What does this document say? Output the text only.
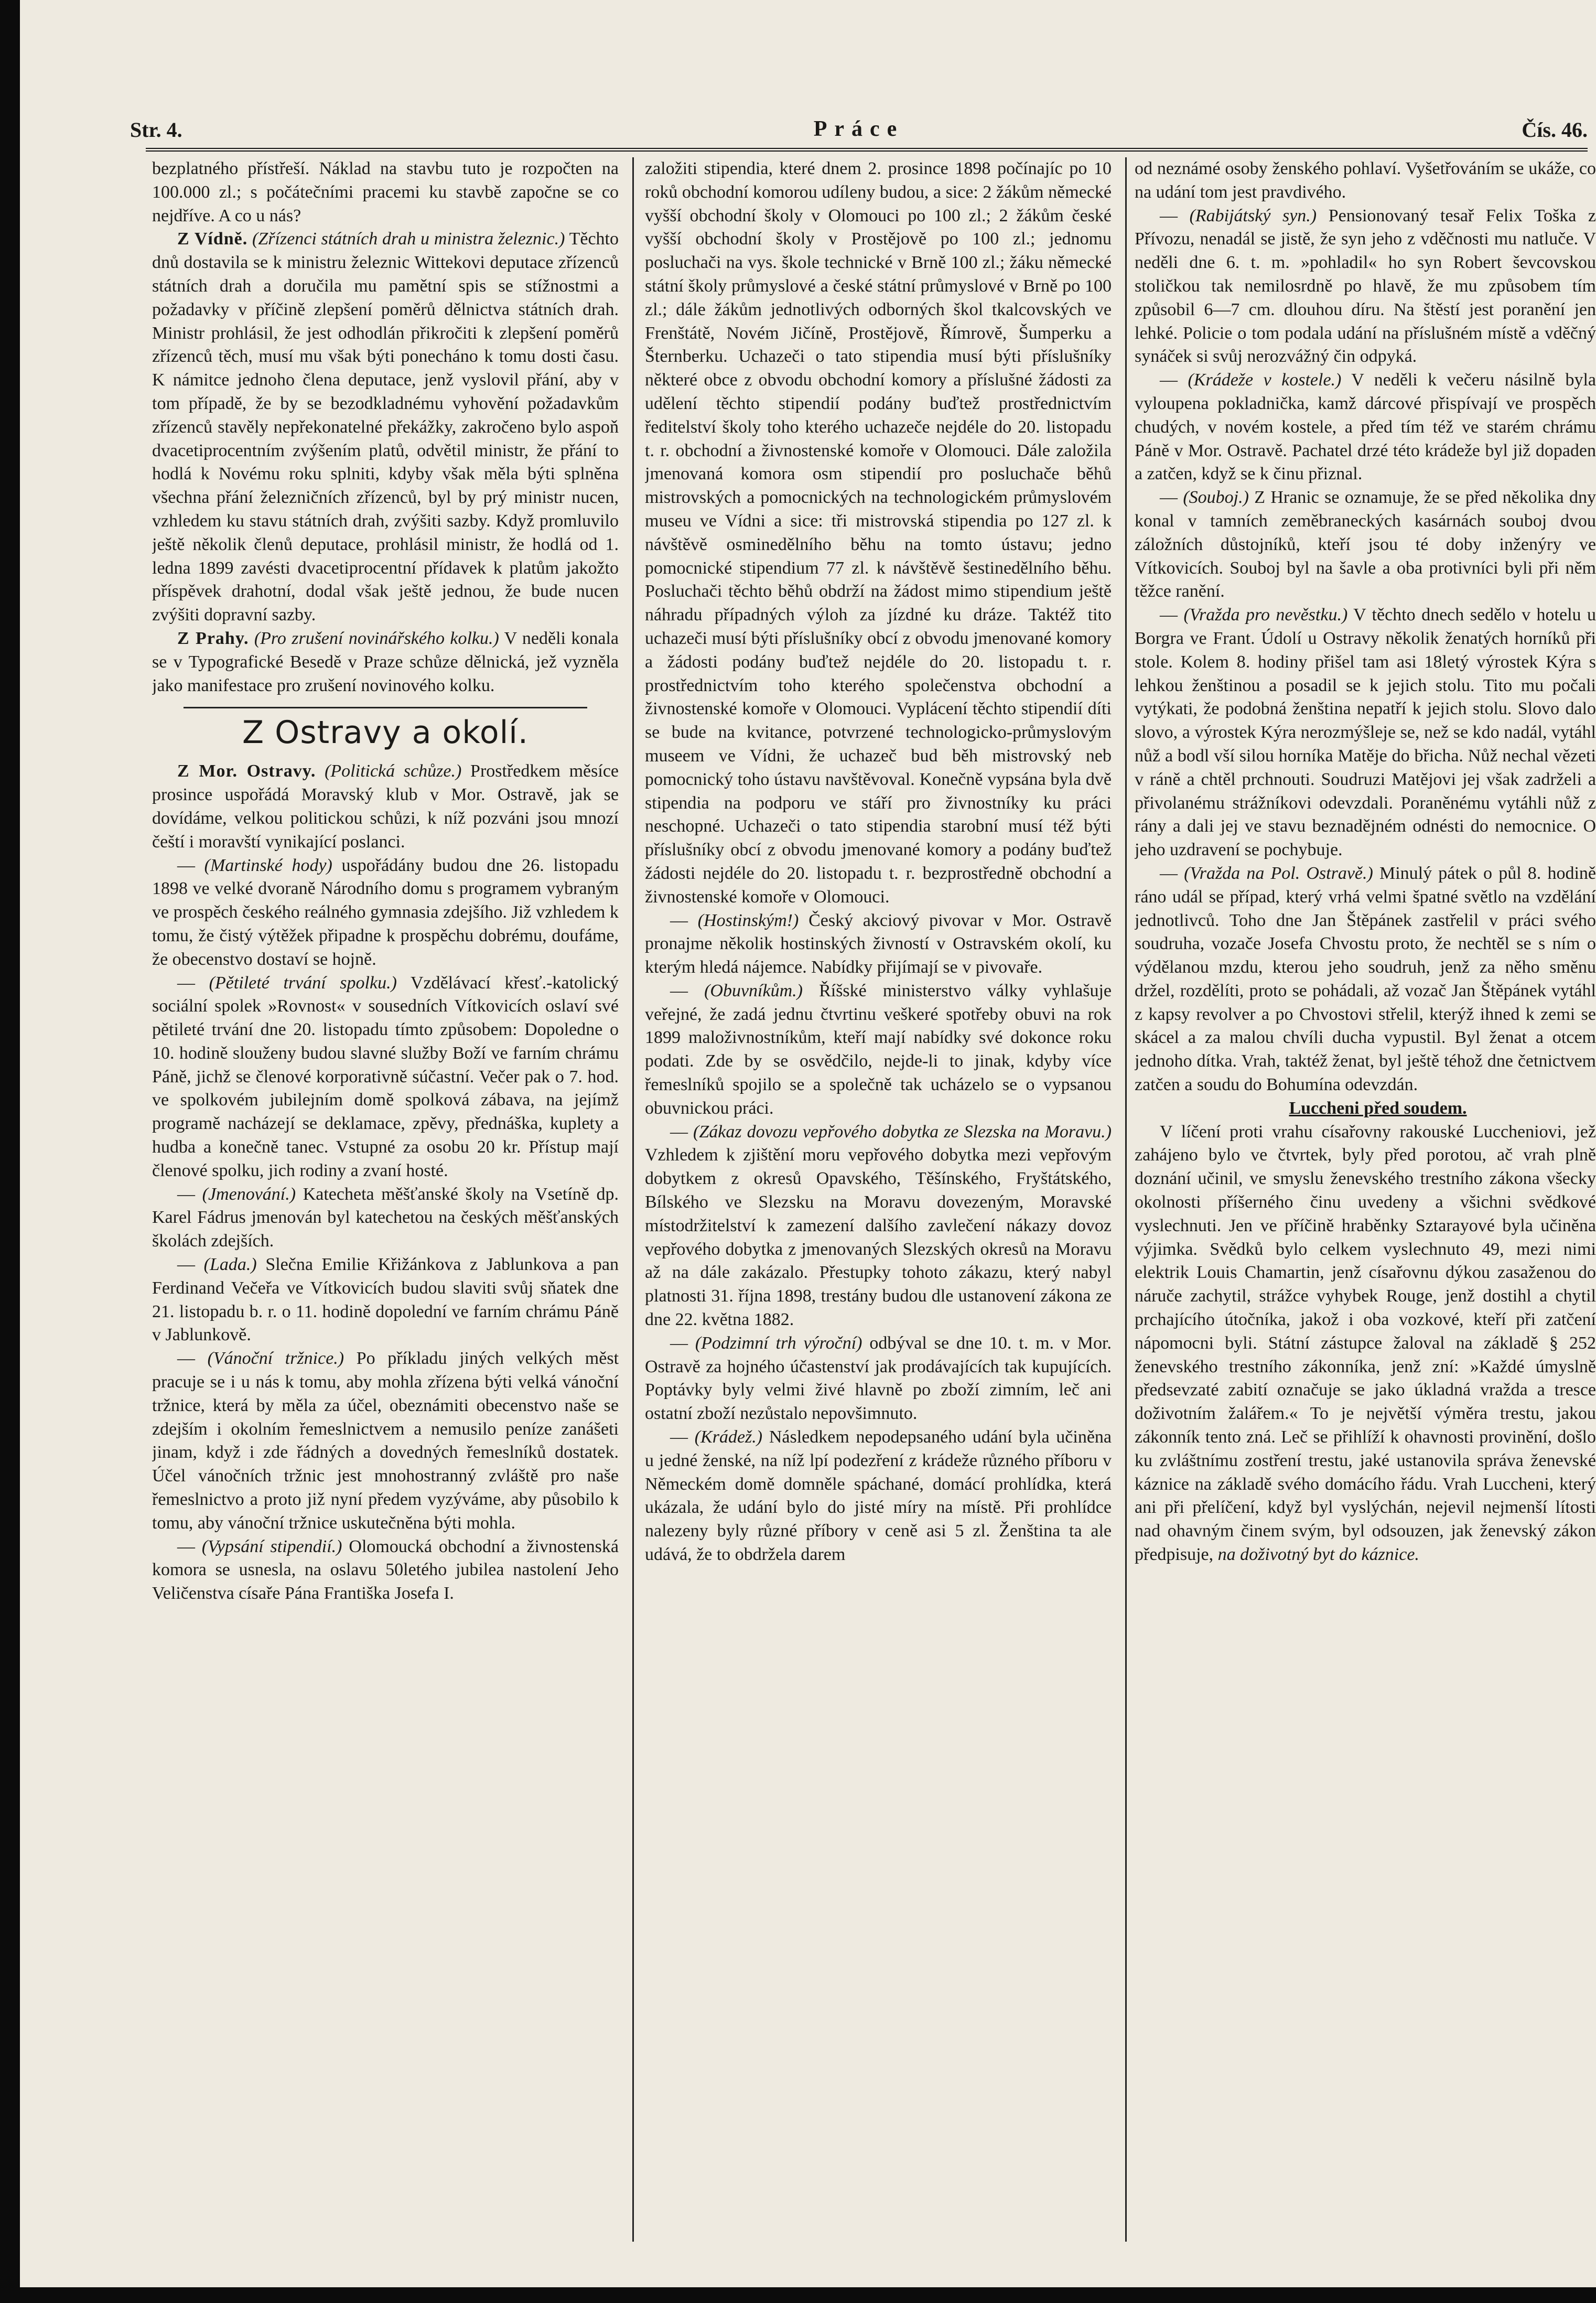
Str. 4.	Práce	Čís. 46.

bezplatného přístřeší. Náklad na stavbu tuto je rozpočten na 100.000 zl.; s počátečními pracemi ku stavbě započne se co nejdříve. A co u nás?

Z Vídně. (Zřízenci státních drah u ministra železnic.) Těchto dnů dostavila se k ministru železnic Wittekovi deputace zřízenců státních drah a doručila mu pamětní spis se stížnostmi a požadavky v příčině zlepšení poměrů dělnictva státních drah. Ministr prohlásil, že jest odhodlán přikročiti k zlepšení poměrů zřízenců těch, musí mu však býti ponecháno k tomu dosti času. K námitce jednoho člena deputace, jenž vyslovil přání, aby v tom případě, že by se bezodkladnému vyhovění požadavkům zřízenců stavěly nepřekonatelné překážky, zakročeno bylo aspoň dvacetiprocentním zvýšením platů, odvětil ministr, že přání to hodlá k Novému roku splniti, kdyby však měla býti splněna všechna přání železničních zřízenců, byl by prý ministr nucen, vzhledem ku stavu státních drah, zvýšiti sazby. Když promluvilo ještě několik členů deputace, prohlásil ministr, že hodlá od 1. ledna 1899 zavésti dvacetiprocentní přídavek k platům jakožto příspěvek drahotní, dodal však ještě jednou, že bude nucen zvýšiti dopravní sazby.

Z Prahy. (Pro zrušení novinářského kolku.) V neděli konala se v Typografické Besedě v Praze schůze dělnická, jež vyzněla jako manifestace pro zrušení novinového kolku.

Z Ostravy a okolí.

Z Mor. Ostravy. (Politická schůze.) Prostředkem měsíce prosince uspořádá Moravský klub v Mor. Ostravě, jak se dovídáme, velkou politickou schůzi, k níž pozváni jsou mnozí čeští i moravští vynikající poslanci.

— (Martinské hody) uspořádány budou dne 26. listopadu 1898 ve velké dvoraně Národního domu s programem vybraným ve prospěch českého reálného gymnasia zdejšího. Již vzhledem k tomu, že čistý výtěžek připadne k prospěchu dobrému, doufáme, že obecenstvo dostaví se hojně.

— (Pětileté trvání spolku.) Vzdělávací křesť.-katolický sociální spolek »Rovnost« v sousedních Vítkovicích oslaví své pětileté trvání dne 20. listopadu tímto způsobem: Dopoledne o 10. hodině slouženy budou slavné služby Boží ve farním chrámu Páně, jichž se členové korporativně súčastní. Večer pak o 7. hod. ve spolkovém jubilejním domě spolková zábava, na jejímž programě nacházejí se deklamace, zpěvy, přednáška, kuplety a hudba a konečně tanec. Vstupné za osobu 20 kr. Přístup mají členové spolku, jich rodiny a zvaní hosté.

— (Jmenování.) Katecheta měšťanské školy na Vsetíně dp. Karel Fádrus jmenován byl katechetou na českých měšťanských školách zdejších.

— (Lada.) Slečna Emilie Křižánkova z Jablunkova a pan Ferdinand Večeřa ve Vítkovicích budou slaviti svůj sňatek dne 21. listopadu b. r. o 11. hodině dopolední ve farním chrámu Páně v Jablunkově.

— (Vánoční tržnice.) Po příkladu jiných velkých měst pracuje se i u nás k tomu, aby mohla zřízena býti velká vánoční tržnice, která by měla za účel, obeznámiti obecenstvo naše se zdejším i okolním řemeslnictvem a nemusilo peníze zanášeti jinam, když i zde řádných a dovedných řemeslníků dostatek. Účel vánočních tržnic jest mnohostranný zvláště pro naše řemeslnictvo a proto již nyní předem vyzýváme, aby působilo k tomu, aby vánoční tržnice uskutečněna býti mohla.

— (Vypsání stipendií.) Olomoucká obchodní a živnostenská komora se usnesla, na oslavu 50letého jubilea nastolení Jeho Veličenstva císaře Pána Františka Josefa I.

založiti stipendia, které dnem 2. prosince 1898 počínajíc po 10 roků obchodní komorou udíleny budou, a sice: 2 žákům německé vyšší obchodní školy v Olomouci po 100 zl.; 2 žákům české vyšší obchodní školy v Prostějově po 100 zl.; jednomu posluchači na vys. škole technické v Brně 100 zl.; žáku německé státní školy průmyslové a české státní průmyslové v Brně po 100 zl.; dále žákům jednotlivých odborných škol tkalcovských ve Frenštátě, Novém Jičíně, Prostějově, Římrově, Šumperku a Šternberku. Uchazeči o tato stipendia musí býti příslušníky některé obce z obvodu obchodní komory a příslušné žádosti za udělení těchto stipendií podány buďtež prostřednictvím ředitelství školy toho kterého uchazeče nejdéle do 20. listopadu t. r. obchodní a živnostenské komoře v Olomouci. Dále založila jmenovaná komora osm stipendií pro posluchače běhů mistrovských a pomocnických na technologickém průmyslovém museu ve Vídni a sice: tři mistrovská stipendia po 127 zl. k návštěvě osminedělního běhu na tomto ústavu; jedno pomocnické stipendium 77 zl. k návštěvě šestinedělního běhu. Posluchači těchto běhů obdrží na žádost mimo stipendium ještě náhradu případných výloh za jízdné ku dráze. Taktéž tito uchazeči musí býti příslušníky obcí z obvodu jmenované komory a žádosti podány buďtež nejdéle do 20. listopadu t. r. prostřednictvím toho kterého společenstva obchodní a živnostenské komoře v Olomouci. Vyplácení těchto stipendií díti se bude na kvitance, potvrzené technologicko-průmyslovým museem ve Vídni, že uchazeč bud běh mistrovský neb pomocnický toho ústavu navštěvoval. Konečně vypsána byla dvě stipendia na podporu ve stáří pro živnostníky ku práci neschopné. Uchazeči o tato stipendia starobní musí též býti příslušníky obcí z obvodu jmenované komory a podány buďtež žádosti nejdéle do 20. listopadu t. r. bezprostředně obchodní a živnostenské komoře v Olomouci.

— (Hostinským!) Český akciový pivovar v Mor. Ostravě pronajme několik hostinských živností v Ostravském okolí, ku kterým hledá nájemce. Nabídky přijímají se v pivovaře.

— (Obuvníkům.) Říšské ministerstvo války vyhlašuje veřejné, že zadá jednu čtvrtinu veškeré spotřeby obuvi na rok 1899 maloživnostníkům, kteří mají nabídky své dokonce roku podati. Zde by se osvědčilo, nejde-li to jinak, kdyby více řemeslníků spojilo se a společně tak ucházelo se o vypsanou obuvnickou práci.

— (Zákaz dovozu vepřového dobytka ze Slezska na Moravu.) Vzhledem k zjištění moru vepřového dobytka mezi vepřovým dobytkem z okresů Opavského, Těšínského, Fryštátského, Bílského ve Slezsku na Moravu dovezeným, Moravské místodržitelství k zamezení dalšího zavlečení nákazy dovoz vepřového dobytka z jmenovaných Slezských okresů na Moravu až na dále zakázalo. Přestupky tohoto zákazu, který nabyl platnosti 31. října 1898, trestány budou dle ustanovení zákona ze dne 22. května 1882.

— (Podzimní trh výroční) odbýval se dne 10. t. m. v Mor. Ostravě za hojného účastenství jak prodávajících tak kupujících. Poptávky byly velmi živé hlavně po zboží zimním, leč ani ostatní zboží nezůstalo nepovšimnuto.

— (Krádež.) Následkem nepodepsaného udání byla učiněna u jedné ženské, na níž lpí podezření z krádeže různého příboru v Německém domě domněle spáchané, domácí prohlídka, která ukázala, že udání bylo do jisté míry na místě. Při prohlídce nalezeny byly různé příbory v ceně asi 5 zl. Ženština ta ale udává, že to obdržela darem

od neznámé osoby ženského pohlaví. Vyšetřováním se ukáže, co na udání tom jest pravdivého.

— (Rabijátský syn.) Pensionovaný tesař Felix Toška z Přívozu, nenadál se jistě, že syn jeho z vděčnosti mu natluče. V neděli dne 6. t. m. »pohladil« ho syn Robert ševcovskou stoličkou tak nemilosrdně po hlavě, že mu způsobem tím způsobil 6—7 cm. dlouhou díru. Na štěstí jest poranění jen lehké. Policie o tom podala udání na příslušném místě a vděčný synáček si svůj nerozvážný čin odpyká.

— (Krádeže v kostele.) V neděli k večeru násilně byla vyloupena pokladnička, kamž dárcové přispívají ve prospěch chudých, v novém kostele, a před tím též ve starém chrámu Páně v Mor. Ostravě. Pachatel drzé této krádeže byl již dopaden a zatčen, když se k činu přiznal.

— (Souboj.) Z Hranic se oznamuje, že se před několika dny konal v tamních zeměbraneckých kasárnách souboj dvou záložních důstojníků, kteří jsou té doby inženýry ve Vítkovicích. Souboj byl na šavle a oba protivníci byli při něm těžce ranění.

— (Vražda pro nevěstku.) V těchto dnech sedělo v hotelu u Borgra ve Frant. Údolí u Ostravy několik ženatých horníků při stole. Kolem 8. hodiny přišel tam asi 18letý výrostek Kýra s lehkou ženštinou a posadil se k jejich stolu. Tito mu počali vytýkati, že podobná ženština nepatří k jejich stolu. Slovo dalo slovo, a výrostek Kýra nerozmýšleje se, než se kdo nadál, vytáhl nůž a bodl vší silou horníka Matěje do břicha. Nůž nechal vězeti v ráně a chtěl prchnouti. Soudruzi Matějovi jej však zadrželi a přivolanému strážníkovi odevzdali. Poraněnému vytáhli nůž z rány a dali jej ve stavu beznadějném odnésti do nemocnice. O jeho uzdravení se pochybuje.

— (Vražda na Pol. Ostravě.) Minulý pátek o půl 8. hodině ráno udál se případ, který vrhá velmi špatné světlo na vzdělání jednotlivců. Toho dne Jan Štěpánek zastřelil v práci svého soudruha, vozače Josefa Chvostu proto, že nechtěl se s ním o výdělanou mzdu, kterou jeho soudruh, jenž za něho směnu držel, rozdělíti, proto se pohádali, až vozač Jan Štěpánek vytáhl z kapsy revolver a po Chvostovi střelil, kterýž ihned k zemi se skácel a za malou chvíli ducha vypustil. Byl ženat a otcem jednoho dítka. Vrah, taktéž ženat, byl ještě téhož dne četnictvem zatčen a soudu do Bohumína odevzdán.

Luccheni před soudem.

V líčení proti vrahu císařovny rakouské Luccheniovi, jež zahájeno bylo ve čtvrtek, byly před porotou, ač vrah plně doznání učinil, ve smyslu ženevského trestního zákona všecky okolnosti příšerného činu uvedeny a všichni svědkové vyslechnuti. Jen ve příčině hraběnky Sztarayové byla učiněna výjimka. Svědků bylo celkem vyslechnuto 49, mezi nimi elektrik Louis Chamartin, jenž císařovnu dýkou zasaženou do náruče zachytil, strážce vyhybek Rouge, jenž dostihl a chytil prchajícího útočníka, jakož i oba vozkové, kteří při zatčení nápomocni byli. Státní zástupce žaloval na základě § 252 ženevského trestního zákonníka, jenž zní: »Každé úmyslně předsevzaté zabití označuje se jako úkladná vražda a tresce doživotním žalářem.« To je největší výměra trestu, jakou zákonník tento zná. Leč se přihlíží k ohavnosti provinění, došlo ku zvláštnímu zostření trestu, jaké ustanovila správa ženevské káznice na základě svého domácího řádu. Vrah Luccheni, který ani při přelíčení, když byl vyslýchán, nejevil nejmenší lítosti nad ohavným činem svým, byl odsouzen, jak ženevský zákon předpisuje, na doživotný byt do káznice.
